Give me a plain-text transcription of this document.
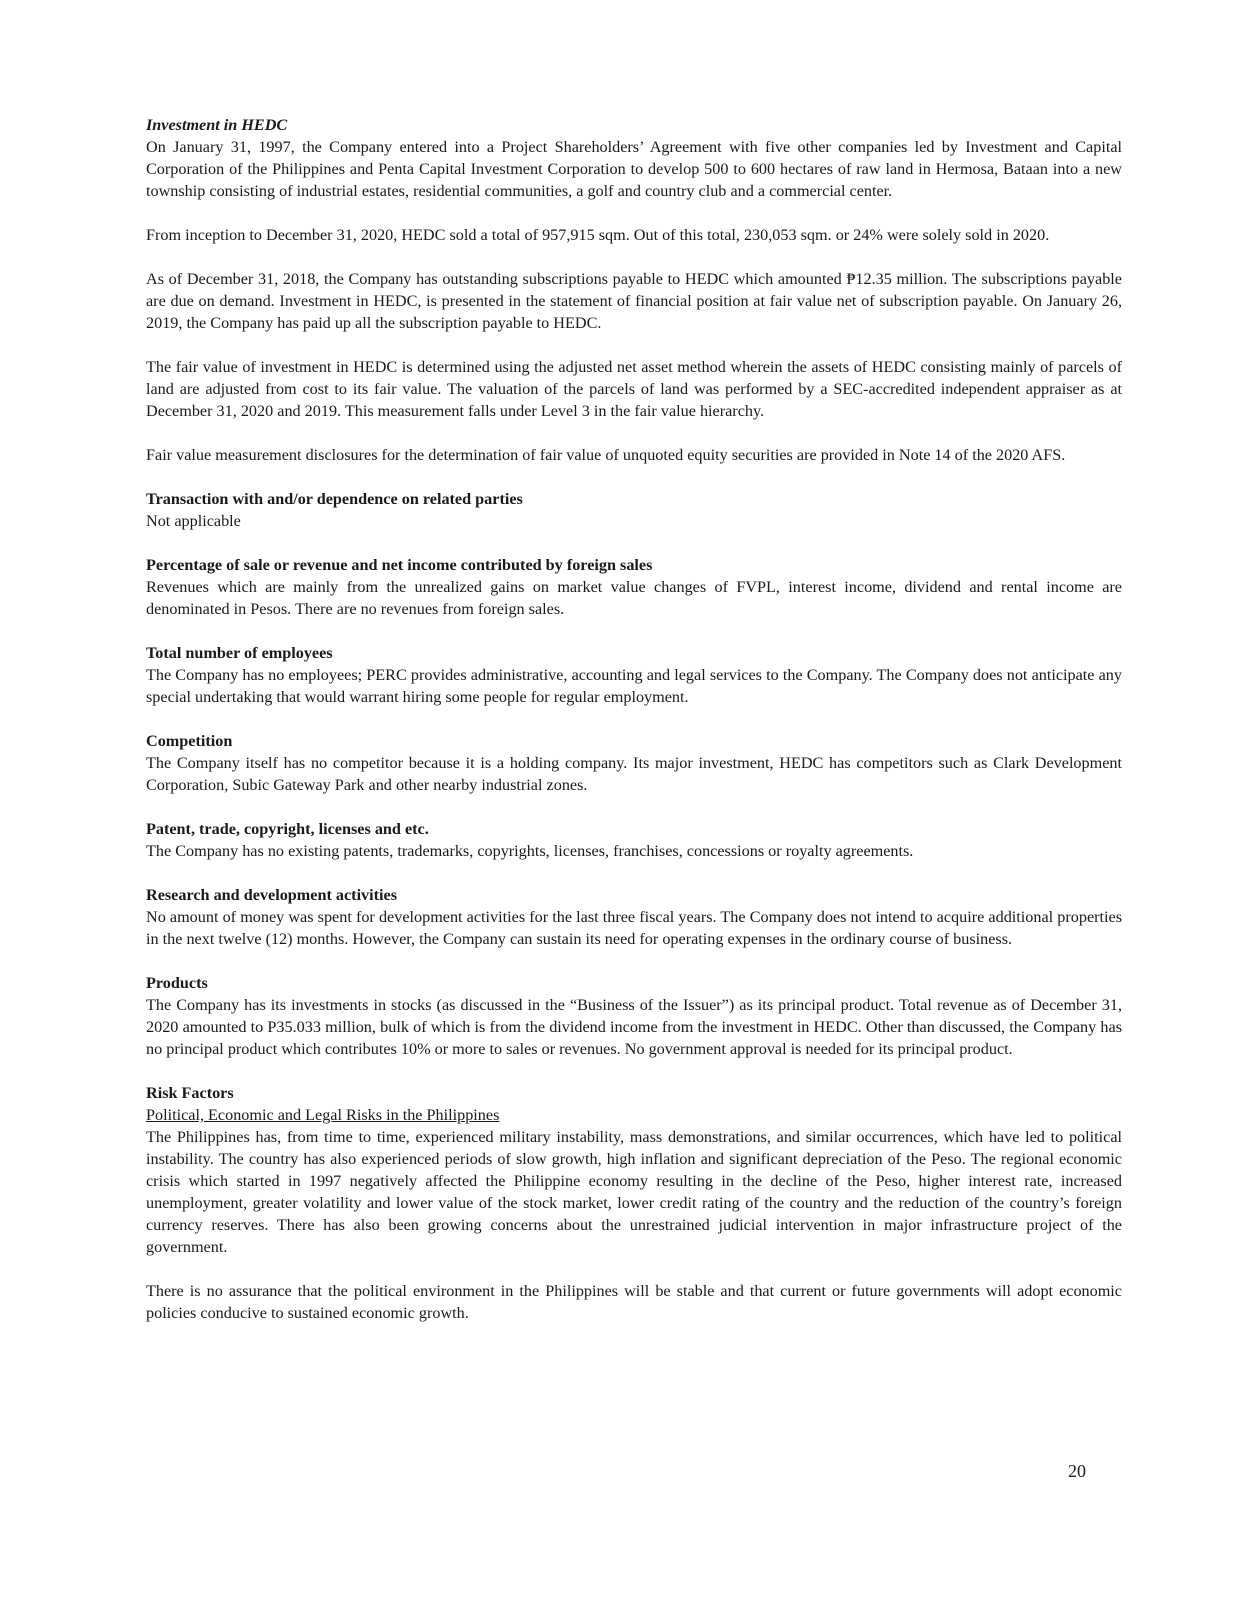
Investment in HEDC

On January 31, 1997, the Company entered into a Project Shareholders’ Agreement with five other companies led by Investment and Capital Corporation of the Philippines and Penta Capital Investment Corporation to develop 500 to 600 hectares of raw land in Hermosa, Bataan into a new township consisting of industrial estates, residential communities, a golf and country club and a commercial center.

From inception to December 31, 2020, HEDC sold a total of 957,915 sqm. Out of this total, 230,053 sqm. or 24% were solely sold in 2020.

As of December 31, 2018, the Company has outstanding subscriptions payable to HEDC which amounted ₱12.35 million. The subscriptions payable are due on demand. Investment in HEDC, is presented in the statement of financial position at fair value net of subscription payable. On January 26, 2019, the Company has paid up all the subscription payable to HEDC.

The fair value of investment in HEDC is determined using the adjusted net asset method wherein the assets of HEDC consisting mainly of parcels of land are adjusted from cost to its fair value. The valuation of the parcels of land was performed by a SEC-accredited independent appraiser as at December 31, 2020 and 2019. This measurement falls under Level 3 in the fair value hierarchy.

Fair value measurement disclosures for the determination of fair value of unquoted equity securities are provided in Note 14 of the 2020 AFS.

Transaction with and/or dependence on related parties

Not applicable

Percentage of sale or revenue and net income contributed by foreign sales

Revenues which are mainly from the unrealized gains on market value changes of FVPL, interest income, dividend and rental income are denominated in Pesos. There are no revenues from foreign sales.

Total number of employees

The Company has no employees; PERC provides administrative, accounting and legal services to the Company. The Company does not anticipate any special undertaking that would warrant hiring some people for regular employment.

Competition

The Company itself has no competitor because it is a holding company. Its major investment, HEDC has competitors such as Clark Development Corporation, Subic Gateway Park and other nearby industrial zones.

Patent, trade, copyright, licenses and etc.

The Company has no existing patents, trademarks, copyrights, licenses, franchises, concessions or royalty agreements.

Research and development activities

No amount of money was spent for development activities for the last three fiscal years. The Company does not intend to acquire additional properties in the next twelve (12) months. However, the Company can sustain its need for operating expenses in the ordinary course of business.

Products

The Company has its investments in stocks (as discussed in the “Business of the Issuer”) as its principal product. Total revenue as of December 31, 2020 amounted to P35.033 million, bulk of which is from the dividend income from the investment in HEDC. Other than discussed, the Company has no principal product which contributes 10% or more to sales or revenues. No government approval is needed for its principal product.

Risk Factors
Political, Economic and Legal Risks in the Philippines

The Philippines has, from time to time, experienced military instability, mass demonstrations, and similar occurrences, which have led to political instability. The country has also experienced periods of slow growth, high inflation and significant depreciation of the Peso. The regional economic crisis which started in 1997 negatively affected the Philippine economy resulting in the decline of the Peso, higher interest rate, increased unemployment, greater volatility and lower value of the stock market, lower credit rating of the country and the reduction of the country’s foreign currency reserves. There has also been growing concerns about the unrestrained judicial intervention in major infrastructure project of the government.

There is no assurance that the political environment in the Philippines will be stable and that current or future governments will adopt economic policies conducive to sustained economic growth.

20
